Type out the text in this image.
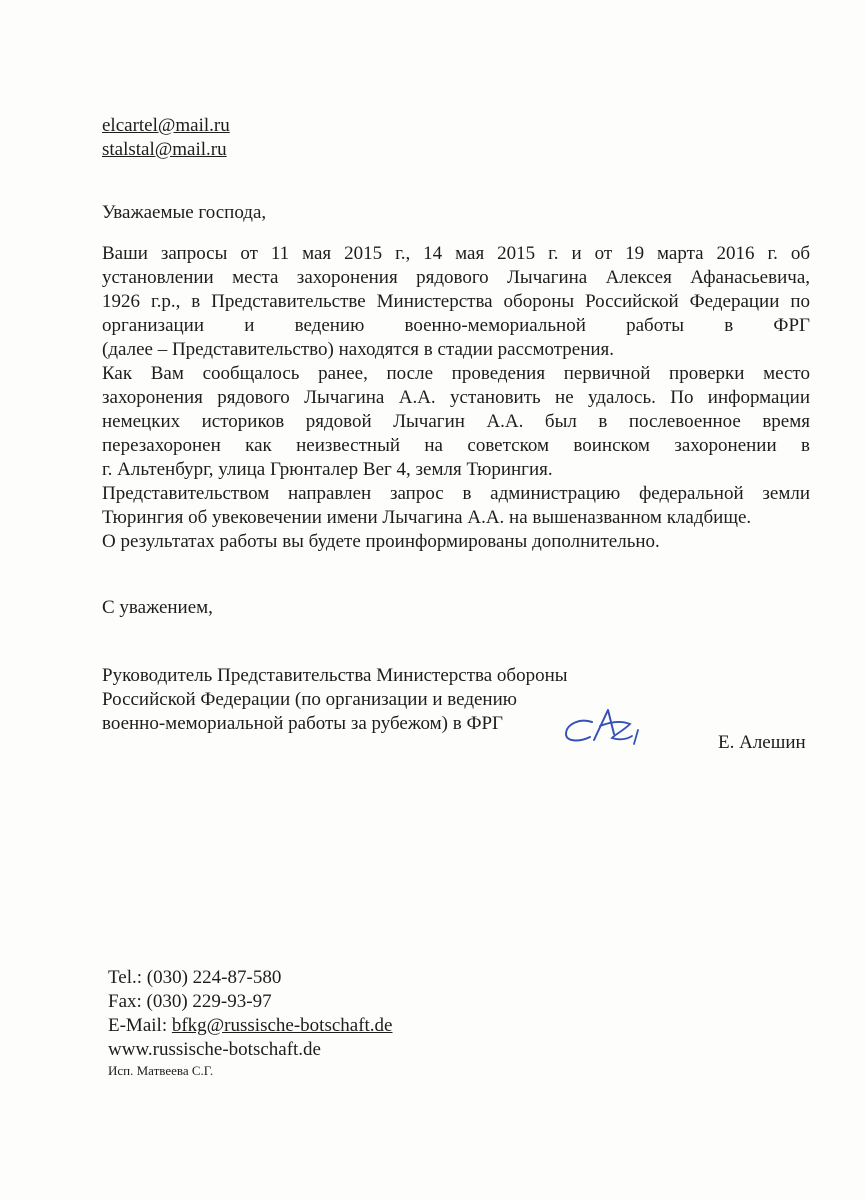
elcartel@mail.ru
stalstal@mail.ru
Уважаемые господа,
Ваши запросы от 11 мая 2015 г., 14 мая 2015 г. и от 19 марта 2016 г. об
установлении места захоронения рядового Лычагина Алексея Афанасьевича,
1926 г.р., в Представительстве Министерства обороны Российской Федерации по
организации и ведению военно-мемориальной работы в ФРГ
(далее – Представительство) находятся в стадии рассмотрения.
Как Вам сообщалось ранее, после проведения первичной проверки место
захоронения рядового Лычагина А.А. установить не удалось. По информации
немецких историков рядовой Лычагин А.А. был в послевоенное время
перезахоронен как неизвестный на советском воинском захоронении в
г. Альтенбург, улица Грюнталер Вег 4, земля Тюрингия.
Представительством направлен запрос в администрацию федеральной земли
Тюрингия об увековечении имени Лычагина А.А. на вышеназванном кладбище.
О результатах работы вы будете проинформированы дополнительно.
С уважением,
Руководитель Представительства Министерства обороны
Российской Федерации (по организации и ведению
военно-мемориальной работы за рубежом) в ФРГ
Е. Алешин
Tel.: (030) 224-87-580
Fax: (030) 229-93-97
E-Mail: bfkg@russische-botschaft.de
www.russische-botschaft.de
Исп. Матвеева С.Г.
